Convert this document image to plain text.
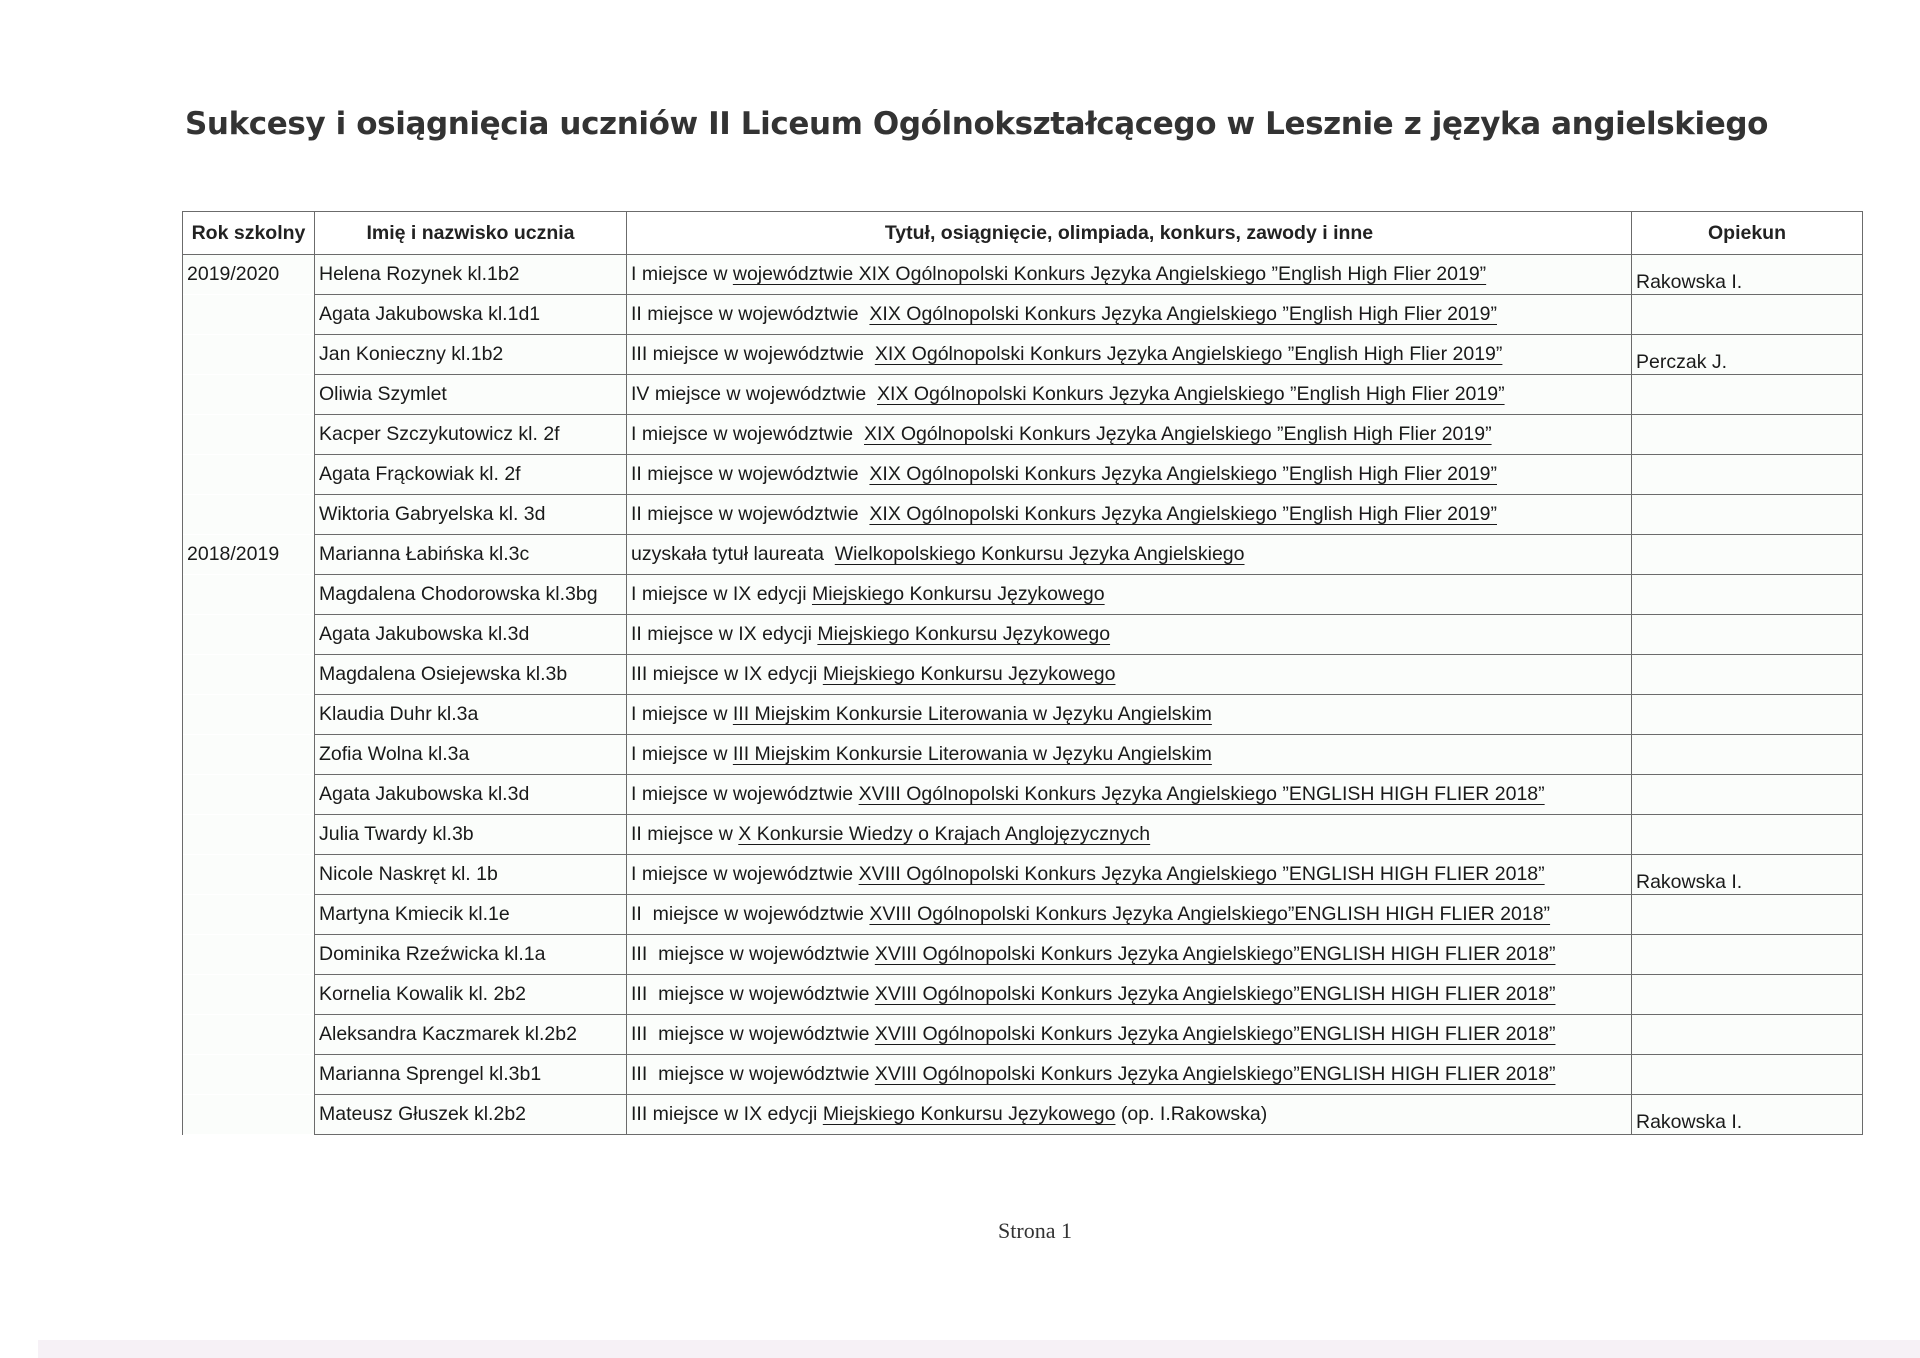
Sukcesy i osiągnięcia uczniów II Liceum Ogólnokształcącego w Lesznie z języka angielskiego
Rok szkolny	Imię i nazwisko ucznia	Tytuł, osiągnięcie, olimpiada, konkurs, zawody i inne	Opiekun
2019/2020	Helena Rozynek kl.1b2	I miejsce w województwie XIX Ogólnopolski Konkurs Języka Angielskiego ”English High Flier 2019”	Rakowska I.
	Agata Jakubowska kl.1d1	II miejsce w województwie  XIX Ogólnopolski Konkurs Języka Angielskiego ”English High Flier 2019”	
	Jan Konieczny kl.1b2	III miejsce w województwie  XIX Ogólnopolski Konkurs Języka Angielskiego ”English High Flier 2019”	Perczak J.
	Oliwia Szymlet	IV miejsce w województwie  XIX Ogólnopolski Konkurs Języka Angielskiego ”English High Flier 2019”	
	Kacper Szczykutowicz kl. 2f	I miejsce w województwie  XIX Ogólnopolski Konkurs Języka Angielskiego ”English High Flier 2019”	
	Agata Frąckowiak kl. 2f	II miejsce w województwie  XIX Ogólnopolski Konkurs Języka Angielskiego ”English High Flier 2019”	
	Wiktoria Gabryelska kl. 3d	II miejsce w województwie  XIX Ogólnopolski Konkurs Języka Angielskiego ”English High Flier 2019”	
2018/2019	Marianna Łabińska kl.3c	uzyskała tytuł laureata  Wielkopolskiego Konkursu Języka Angielskiego	
	Magdalena Chodorowska kl.3bg	I miejsce w IX edycji Miejskiego Konkursu Językowego	
	Agata Jakubowska kl.3d	II miejsce w IX edycji Miejskiego Konkursu Językowego	
	Magdalena Osiejewska kl.3b	III miejsce w IX edycji Miejskiego Konkursu Językowego	
	Klaudia Duhr kl.3a	I miejsce w III Miejskim Konkursie Literowania w Języku Angielskim	
	Zofia Wolna kl.3a	I miejsce w III Miejskim Konkursie Literowania w Języku Angielskim	
	Agata Jakubowska kl.3d	I miejsce w województwie XVIII Ogólnopolski Konkurs Języka Angielskiego ”ENGLISH HIGH FLIER 2018”	
	Julia Twardy kl.3b	II miejsce w X Konkursie Wiedzy o Krajach Anglojęzycznych	
	Nicole Naskręt kl. 1b	I miejsce w województwie XVIII Ogólnopolski Konkurs Języka Angielskiego ”ENGLISH HIGH FLIER 2018”	Rakowska I.
	Martyna Kmiecik kl.1e	II  miejsce w województwie XVIII Ogólnopolski Konkurs Języka Angielskiego”ENGLISH HIGH FLIER 2018”	
	Dominika Rzeźwicka kl.1a	III  miejsce w województwie XVIII Ogólnopolski Konkurs Języka Angielskiego”ENGLISH HIGH FLIER 2018”	
	Kornelia Kowalik kl. 2b2	III  miejsce w województwie XVIII Ogólnopolski Konkurs Języka Angielskiego”ENGLISH HIGH FLIER 2018”	
	Aleksandra Kaczmarek kl.2b2	III  miejsce w województwie XVIII Ogólnopolski Konkurs Języka Angielskiego”ENGLISH HIGH FLIER 2018”	
	Marianna Sprengel kl.3b1	III  miejsce w województwie XVIII Ogólnopolski Konkurs Języka Angielskiego”ENGLISH HIGH FLIER 2018”	
	Mateusz Głuszek kl.2b2	III miejsce w IX edycji Miejskiego Konkursu Językowego (op. I.Rakowska)	Rakowska I.
Strona 1
